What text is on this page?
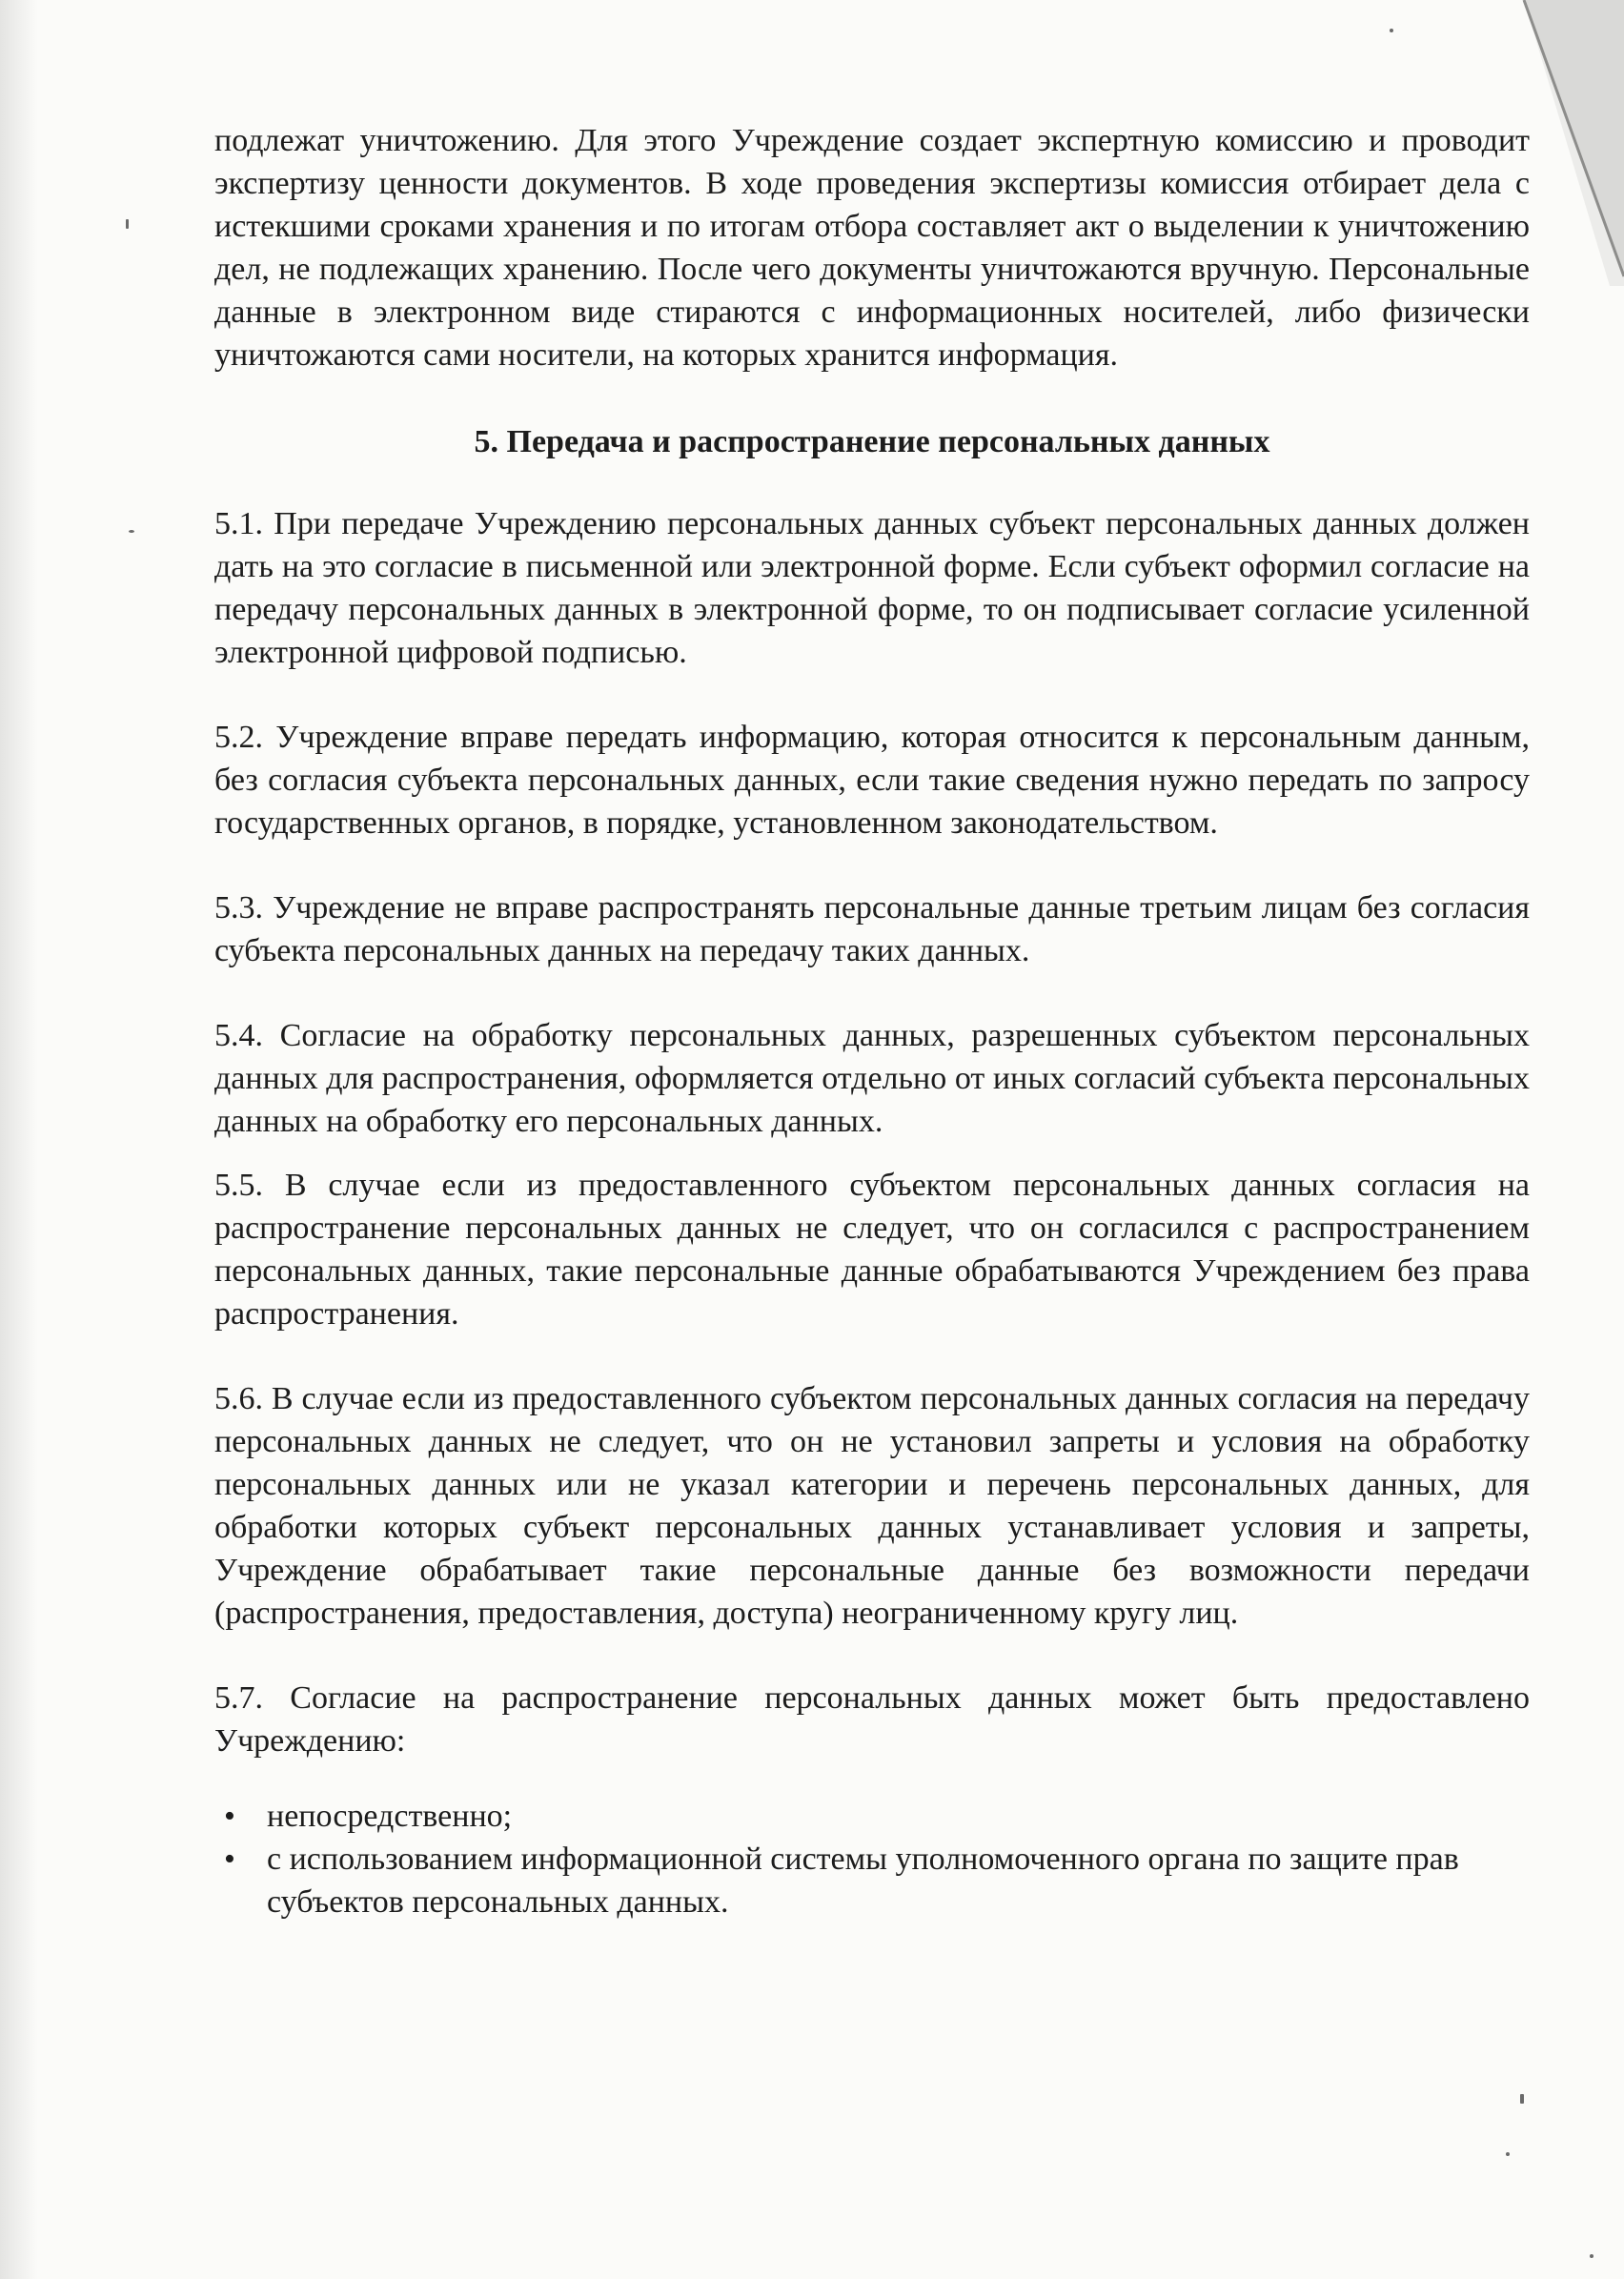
подлежат уничтожению. Для этого Учреждение создает экспертную комиссию и проводит экспертизу ценности документов. В ходе проведения экспертизы комиссия отбирает дела с истекшими сроками хранения и по итогам отбора составляет акт о выделении к уничтожению дел, не подлежащих хранению. После чего документы уничтожаются вручную. Персональные данные в электронном виде стираются с информационных носителей, либо физически уничтожаются сами носители, на которых хранится информация.

5. Передача и распространение персональных данных

5.1. При передаче Учреждению персональных данных субъект персональных данных должен дать на это согласие в письменной или электронной форме. Если субъект оформил согласие на передачу персональных данных в электронной форме, то он подписывает согласие усиленной электронной цифровой подписью.

5.2. Учреждение вправе передать информацию, которая относится к персональным данным, без согласия субъекта персональных данных, если такие сведения нужно передать по запросу государственных органов, в порядке, установленном законодательством.

5.3. Учреждение не вправе распространять персональные данные третьим лицам без согласия субъекта персональных данных на передачу таких данных.

5.4. Согласие на обработку персональных данных, разрешенных субъектом персональных данных для распространения, оформляется отдельно от иных согласий субъекта персональных данных на обработку его персональных данных.

5.5. В случае если из предоставленного субъектом персональных данных согласия на распространение персональных данных не следует, что он согласился с распространением персональных данных, такие персональные данные обрабатываются Учреждением без права распространения.

5.6. В случае если из предоставленного субъектом персональных данных согласия на передачу персональных данных не следует, что он не установил запреты и условия на обработку персональных данных или не указал категории и перечень персональных данных, для обработки которых субъект персональных данных устанавливает условия и запреты, Учреждение обрабатывает такие персональные данные без возможности передачи (распространения, предоставления, доступа) неограниченному кругу лиц.

5.7. Согласие на распространение персональных данных может быть предоставлено Учреждению:

• непосредственно;
• с использованием информационной системы уполномоченного органа по защите прав субъектов персональных данных.
